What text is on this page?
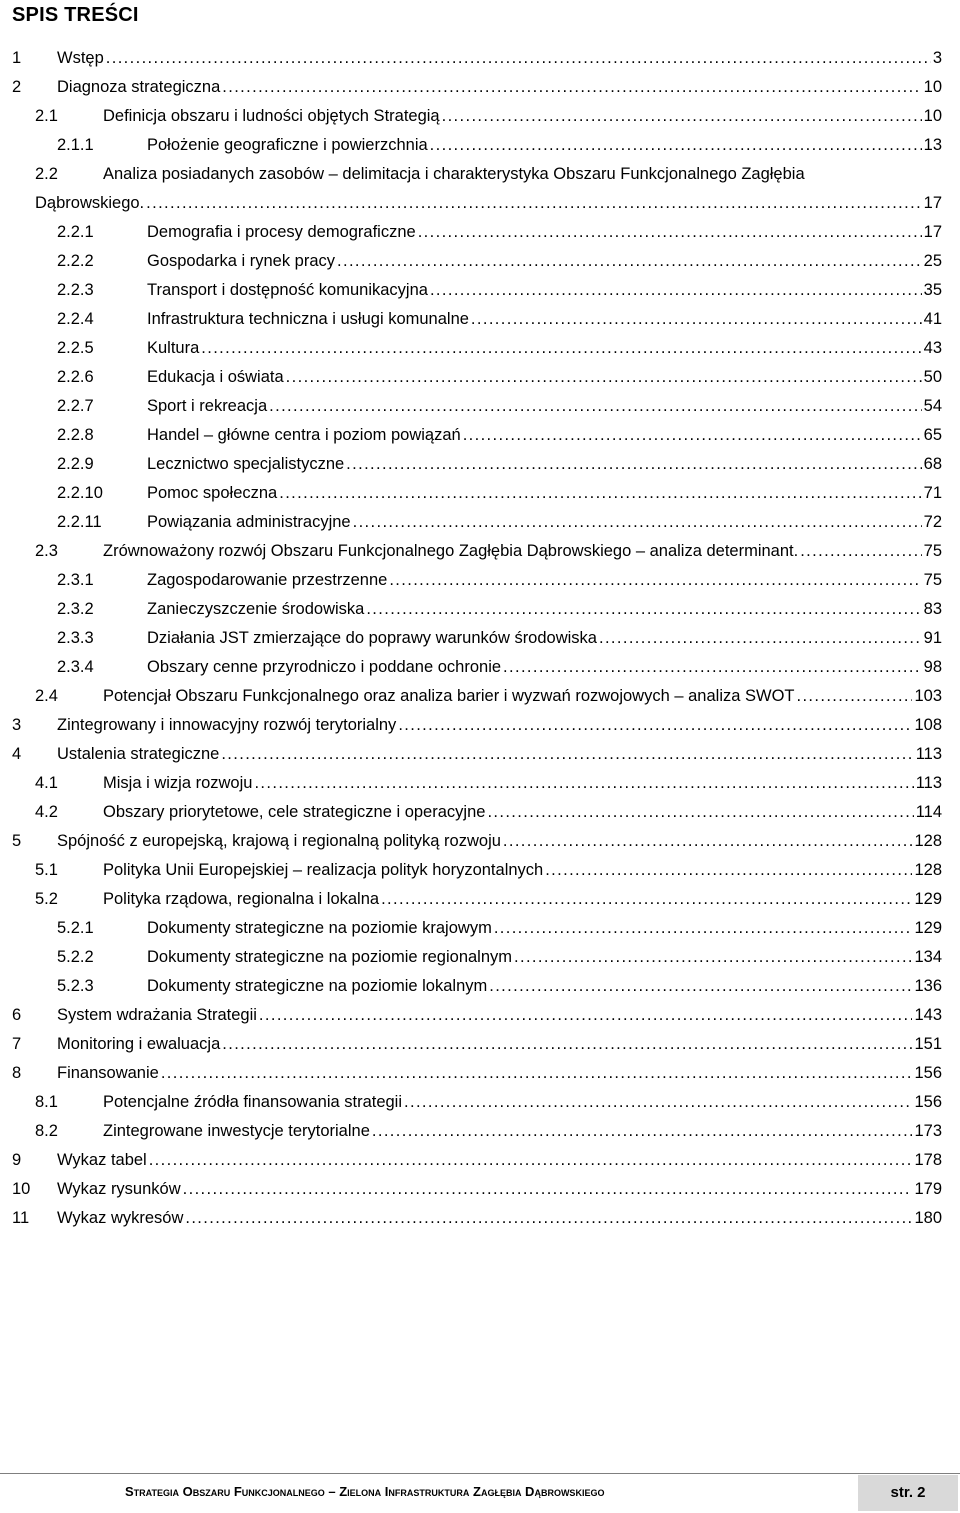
SPIS TREŚCI
1 Wstęp . . .	3
2 Diagnoza strategiczna . . .	10
2.1	Definicja obszaru i ludności objętych Strategią . . .	10
2.1.1	Położenie geograficzne i powierzchnia . . .	13
2.2	Analiza posiadanych zasobów – delimitacja i charakterystyka Obszaru Funkcjonalnego Zagłębia
Dąbrowskiego. . . .	17
2.2.1	Demografia i procesy demograficzne . . .	17
2.2.2	Gospodarka i rynek pracy . . .	25
2.2.3	Transport i dostępność komunikacyjna . . .	35
2.2.4	Infrastruktura techniczna i usługi komunalne . . .	41
2.2.5	Kultura . . .	43
2.2.6	Edukacja i oświata . . .	50
2.2.7	Sport i rekreacja . . .	54
2.2.8	Handel – główne centra i poziom powiązań . . .	65
2.2.9	Lecznictwo specjalistyczne . . .	68
2.2.10	Pomoc społeczna . . .	71
2.2.11	Powiązania administracyjne . . .	72
2.3	Zrównoważony rozwój Obszaru Funkcjonalnego Zagłębia Dąbrowskiego – analiza determinant. . . .	75
2.3.1	Zagospodarowanie przestrzenne . . .	75
2.3.2	Zanieczyszczenie środowiska . . .	83
2.3.3	Działania JST zmierzające do poprawy warunków środowiska . . .	91
2.3.4	Obszary cenne przyrodniczo i poddane ochronie . . .	98
2.4	Potencjał Obszaru Funkcjonalnego oraz analiza barier i wyzwań rozwojowych – analiza SWOT . . .	103
3 Zintegrowany i innowacyjny rozwój terytorialny . . .	108
4 Ustalenia strategiczne . . .	113
4.1	Misja i wizja rozwoju . . .	113
4.2	Obszary priorytetowe, cele strategiczne i operacyjne . . .	114
5 Spójność z europejską, krajową i regionalną polityką rozwoju . . .	128
5.1	Polityka Unii Europejskiej – realizacja polityk horyzontalnych . . .	128
5.2	Polityka rządowa, regionalna i lokalna . . .	129
5.2.1	Dokumenty strategiczne na poziomie krajowym . . .	129
5.2.2	Dokumenty strategiczne na poziomie regionalnym . . .	134
5.2.3	Dokumenty strategiczne na poziomie lokalnym . . .	136
6 System wdrażania Strategii . . .	143
7 Monitoring i ewaluacja . . .	151
8 Finansowanie . . .	156
8.1	Potencjalne źródła finansowania strategii . . .	156
8.2	Zintegrowane inwestycje terytorialne . . .	173
9 Wykaz tabel . . .	178
10 Wykaz rysunków . . .	179
11 Wykaz wykresów . . .	180
Strategia Obszaru Funkcjonalnego – Zielona Infrastruktura Zagłębia Dąbrowskiego	str. 2
